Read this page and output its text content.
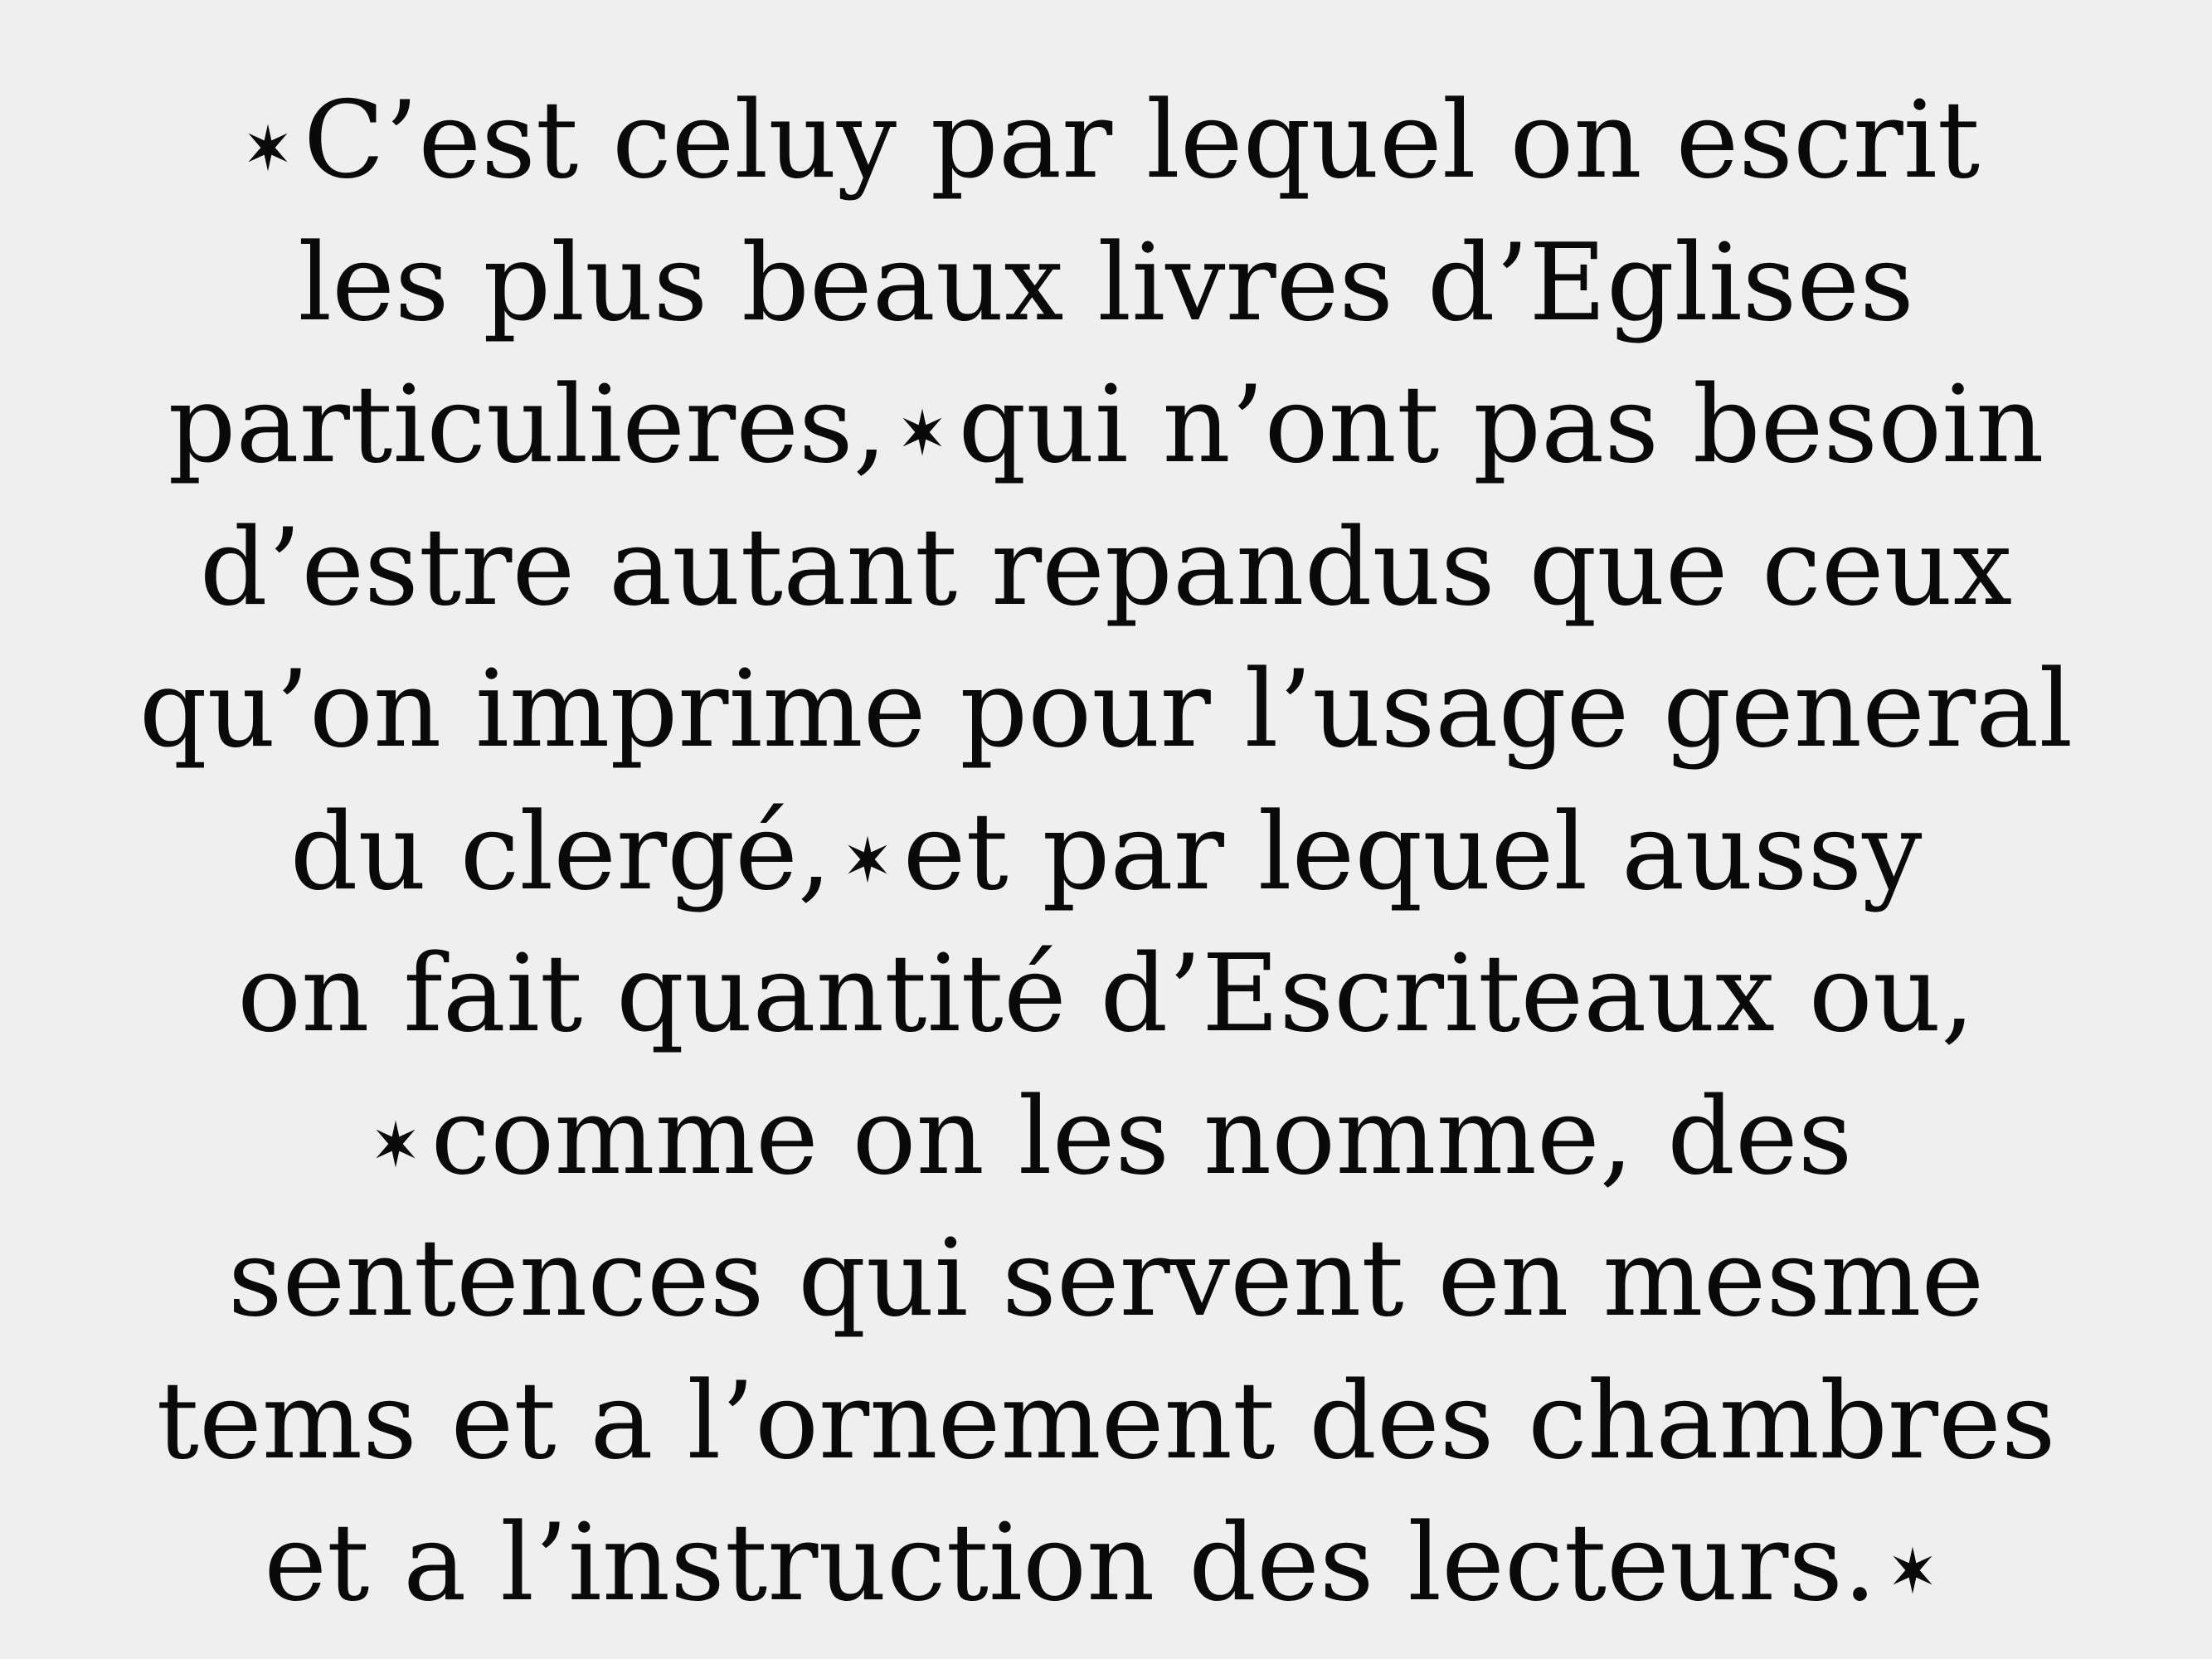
C’est celuy par lequel on escrit
les plus beaux livres d’Eglises
particulieres, qui n’ont pas besoin
d’estre autant repandus que ceux
qu’on imprime pour l’usage general
du clergé, et par lequel aussy
on fait quantité d’Escriteaux ou,
comme on les nomme, des
sentences qui servent en mesme
tems et a l’ornement des chambres
et a l’instruction des lecteurs.
